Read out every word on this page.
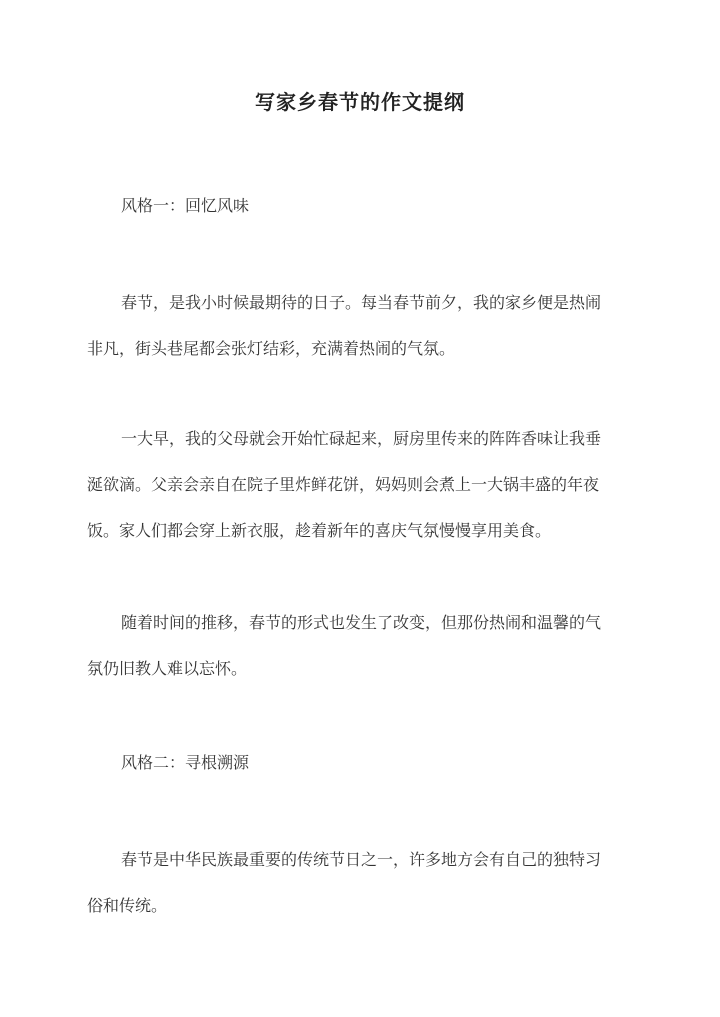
写家乡春节的作文提纲

风格一：回忆风味

春节，是我小时候最期待的日子。每当春节前夕，我的家乡便是热闹
非凡，街头巷尾都会张灯结彩，充满着热闹的气氛。

一大早，我的父母就会开始忙碌起来，厨房里传来的阵阵香味让我垂
涎欲滴。父亲会亲自在院子里炸鲜花饼，妈妈则会煮上一大锅丰盛的年夜
饭。家人们都会穿上新衣服，趁着新年的喜庆气氛慢慢享用美食。

随着时间的推移，春节的形式也发生了改变，但那份热闹和温馨的气
氛仍旧教人难以忘怀。

风格二：寻根溯源

春节是中华民族最重要的传统节日之一，许多地方会有自己的独特习
俗和传统。
